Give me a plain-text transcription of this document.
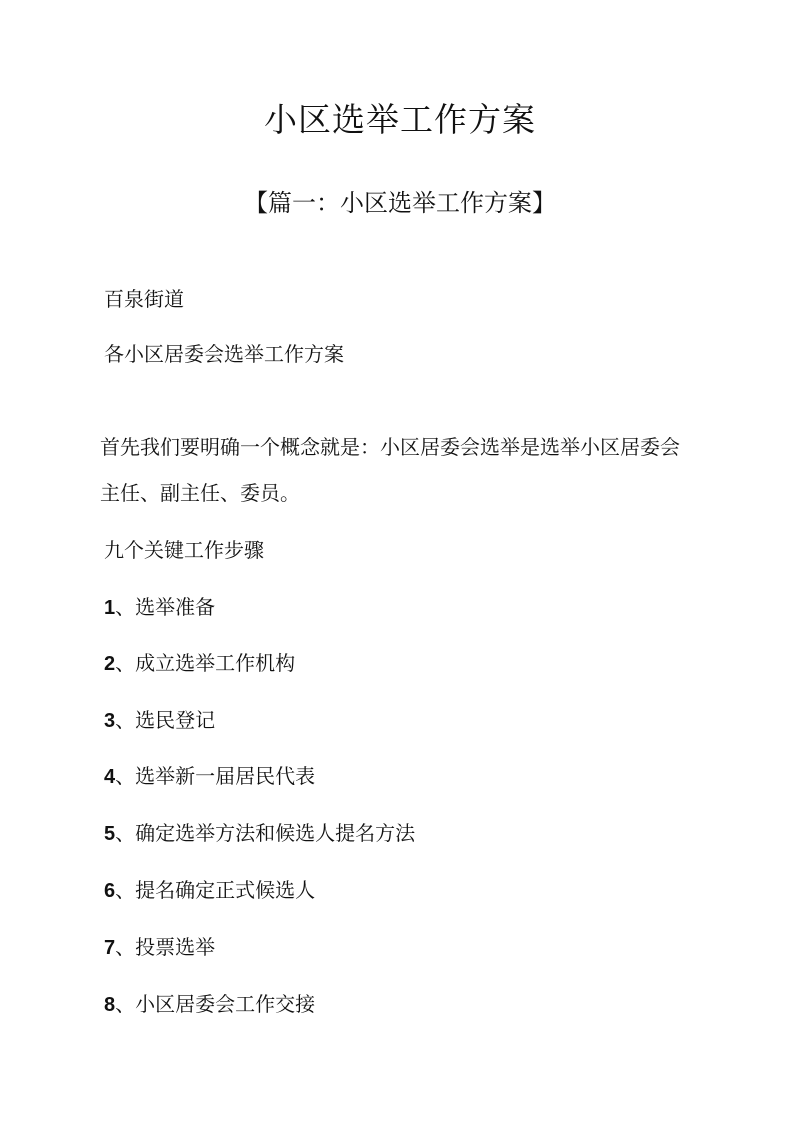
小区选举工作方案
【篇一：小区选举工作方案】
百泉街道
各小区居委会选举工作方案
首先我们要明确一个概念就是：小区居委会选举是选举小区居委会
主任、副主任、委员。
九个关键工作步骤
1、选举准备
2、成立选举工作机构
3、选民登记
4、选举新一届居民代表
5、确定选举方法和候选人提名方法
6、提名确定正式候选人
7、投票选举
8、小区居委会工作交接
